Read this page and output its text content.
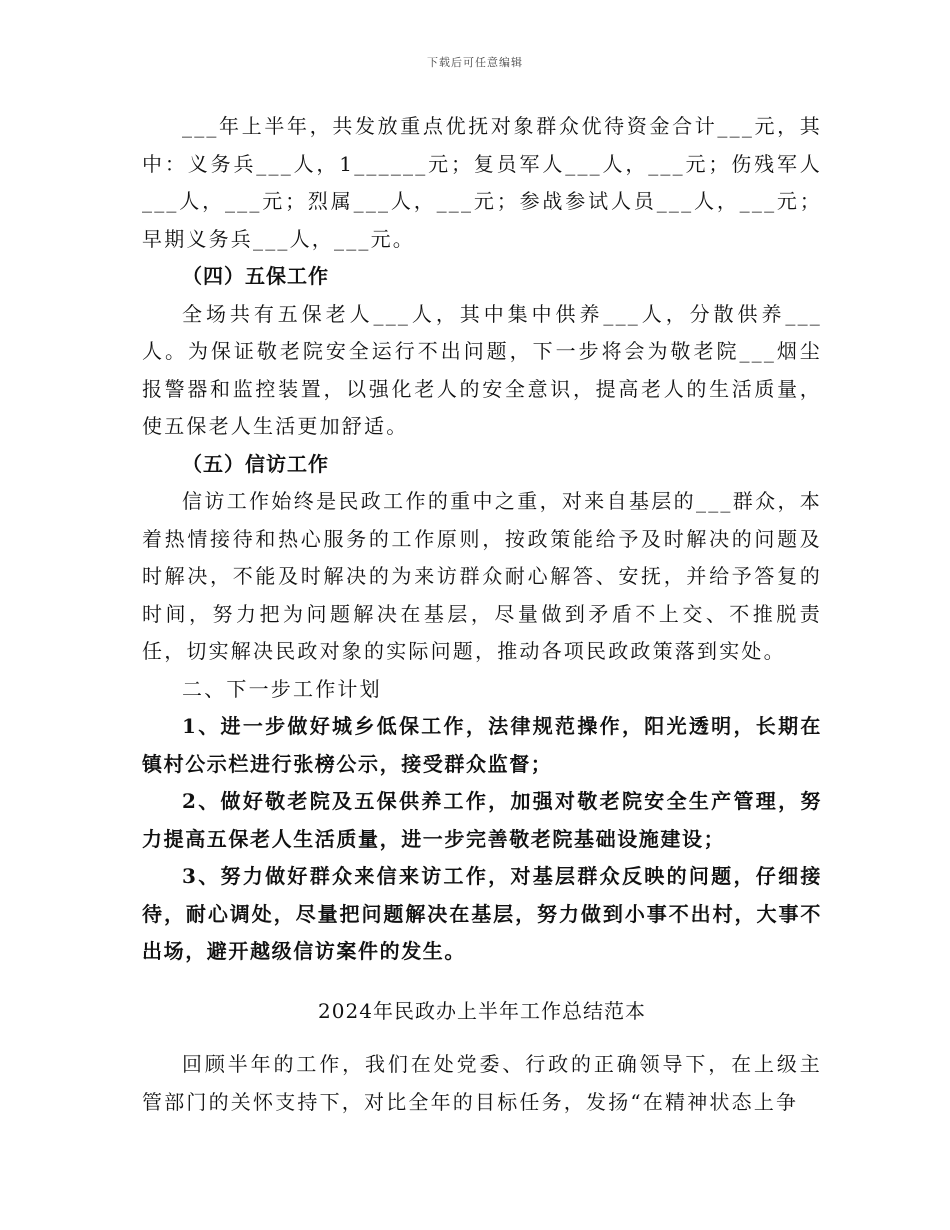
下载后可任意编辑

___年上半年，共发放重点优抚对象群众优待资金合计___元，其中：义务兵___人，1______元；复员军人___人，___元；伤残军人___人，___元；烈属___人，___元；参战参试人员___人，___元；早期义务兵___人，___元。

（四）五保工作

全场共有五保老人___人，其中集中供养___人，分散供养___人。为保证敬老院安全运行不出问题，下一步将会为敬老院___烟尘报警器和监控装置，以强化老人的安全意识，提高老人的生活质量，使五保老人生活更加舒适。

（五）信访工作

信访工作始终是民政工作的重中之重，对来自基层的___群众，本着热情接待和热心服务的工作原则，按政策能给予及时解决的问题及时解决，不能及时解决的为来访群众耐心解答、安抚，并给予答复的时间，努力把为问题解决在基层，尽量做到矛盾不上交、不推脱责任，切实解决民政对象的实际问题，推动各项民政政策落到实处。

二、下一步工作计划

1、进一步做好城乡低保工作，法律规范操作，阳光透明，长期在镇村公示栏进行张榜公示，接受群众监督；

2、做好敬老院及五保供养工作，加强对敬老院安全生产管理，努力提高五保老人生活质量，进一步完善敬老院基础设施建设；

3、努力做好群众来信来访工作，对基层群众反映的问题，仔细接待，耐心调处，尽量把问题解决在基层，努力做到小事不出村，大事不出场，避开越级信访案件的发生。

2024年民政办上半年工作总结范本

回顾半年的工作，我们在处党委、行政的正确领导下，在上级主管部门的关怀支持下，对比全年的目标任务，发扬“在精神状态上争
